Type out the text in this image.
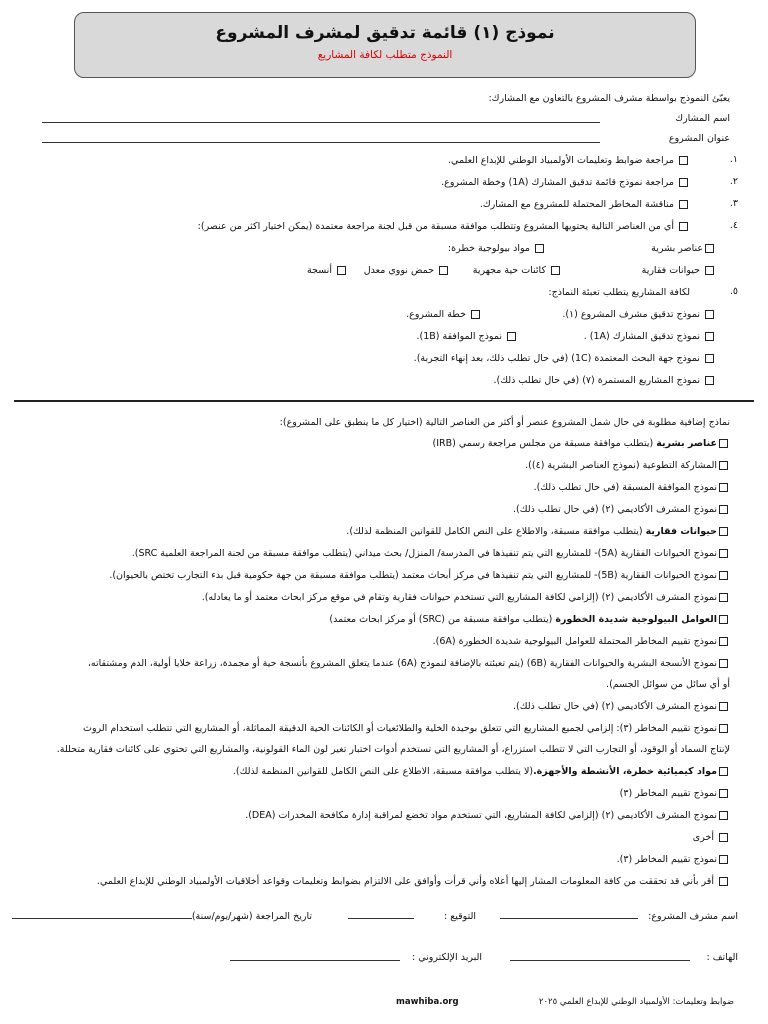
نموذج (١) قائمة تدقيق لمشرف المشروع
النموذج متطلب لكافة المشاريع
يعبّئ النموذج بواسطة مشرف المشروع بالتعاون مع المشارك:
اسم المشارك
عنوان المشروع
١.
مراجعة ضوابط وتعليمات الأولمبياد الوطني للإبداع العلمي.
٢.
مراجعة نموذج قائمة تدقيق المشارك (1A) وخطة المشروع.
٣.
مناقشة المخاطر المحتملة للمشروع مع المشارك.
٤.
أي من العناصر التالية يحتويها المشروع وتتطلب موافقة مسبقة من قبل لجنة مراجعة معتمدة (يمكن اختيار اكثر من عنصر):
عناصر بشرية
مواد بيولوجية خطرة:
حيوانات فقارية
كائنات حية مجهرية
حمض نووي معدل
أنسجة
٥.
لكافة المشاريع يتطلب تعبئة النماذج:
نموذج تدقيق مشرف المشروع (١).
خطة المشروع.
نموذج تدقيق المشارك (1A) .
نموذج الموافقة (1B).
نموذج جهة البحث المعتمدة (1C) (في حال تطلب ذلك، بعد إنهاء التجربة).
نموذج المشاريع المستمرة (٧) (في حال تطلب ذلك).
نماذج إضافية مطلوبة في حال شمل المشروع عنصر أو أكثر من العناصر التالية (اختيار كل ما ينطبق على المشروع):
عناصر بشرية (يتطلب موافقة مسبقة من مجلس مراجعة رسمي (IRB)
المشاركة التطوعية (نموذج العناصر البشرية (٤)).
نموذج الموافقة المسبقة (في حال تطلب ذلك).
نموذج المشرف الأكاديمي (٢) (في حال تطلب ذلك).
حيوانات فقارية (يتطلب موافقة مسبقة، والاطلاع على النص الكامل للقوانين المنظمة لذلك).
نموذج الحيوانات الفقارية (5A)- للمشاريع التي يتم تنفيذها في المدرسة/ المنزل/ بحث ميداني (يتطلب موافقة مسبقة من لجنة المراجعة العلمية SRC).
نموذج الحيوانات الفقارية (5B)- للمشاريع التي يتم تنفيذها في مركز أبحاث معتمد (يتطلب موافقة مسبقة من جهة حكومية قبل بدء التجارب تختص بالحيوان).
نموذج المشرف الأكاديمي (٢) (إلزامي لكافة المشاريع التي تستخدم حيوانات فقارية وتقام في موقع مركز ابحاث معتمد أو ما يعادله).
العوامل البيولوجية شديدة الخطورة (يتطلب موافقة مسبقة من (SRC) أو مركز ابحاث معتمد)
نموذج تقييم المخاطر المحتملة للعوامل البيولوجية شديدة الخطورة (6A).
نموذج الأنسجة البشرية والحيوانات الفقارية (6B) (يتم تعبئته بالإضافة لنموذج (6A) عندما يتعلق المشروع بأنسجة حية أو مجمدة، زراعة خلايا أولية، الدم ومشتقاته،
أو أي سائل من سوائل الجسم).
نموذج المشرف الأكاديمي (٢) (في حال تطلب ذلك).
نموذج تقييم المخاطر (٣): إلزامي لجميع المشاريع التي تتعلق بوحيدة الخلية والطلائعيات أو الكائنات الحية الدقيقة المماثلة، أو المشاريع التي تتطلب استخدام الروث
لإنتاج السماد أو الوقود، أو التجارب التي لا تتطلب استزراع، أو المشاريع التي تستخدم أدوات اختبار تغير لون الماء القولونية، والمشاريع التي تحتوي على كائنات فقارية متحللة.
مواد كيميائية خطرة، الأنشطة والأجهزة.(لا يتطلب موافقة مسبقة، الاطلاع على النص الكامل للقوانين المنظمة لذلك).
نموذج تقييم المخاطر (٣)
نموذج المشرف الأكاديمي (٢) (إلزامي لكافة المشاريع، التي تستخدم مواد تخضع لمراقبة إدارة مكافحة المخدرات (DEA).
أخرى
نموذج تقييم المخاطر (٣).
أقر بأني قد تحققت من كافة المعلومات المشار إليها أعلاه وأني قرأت وأوافق على الالتزام بضوابط وتعليمات وقواعد أخلاقيات الأولمبياد الوطني للإبداع العلمي.
اسم مشرف المشروع:
التوقيع :
تاريخ المراجعة (شهر/يوم/سنة)
الهاتف :
البريد الإلكتروني :
ضوابط وتعليمات: الأولمبياد الوطني للإبداع العلمي ٢٠٢٥
mawhiba.org
